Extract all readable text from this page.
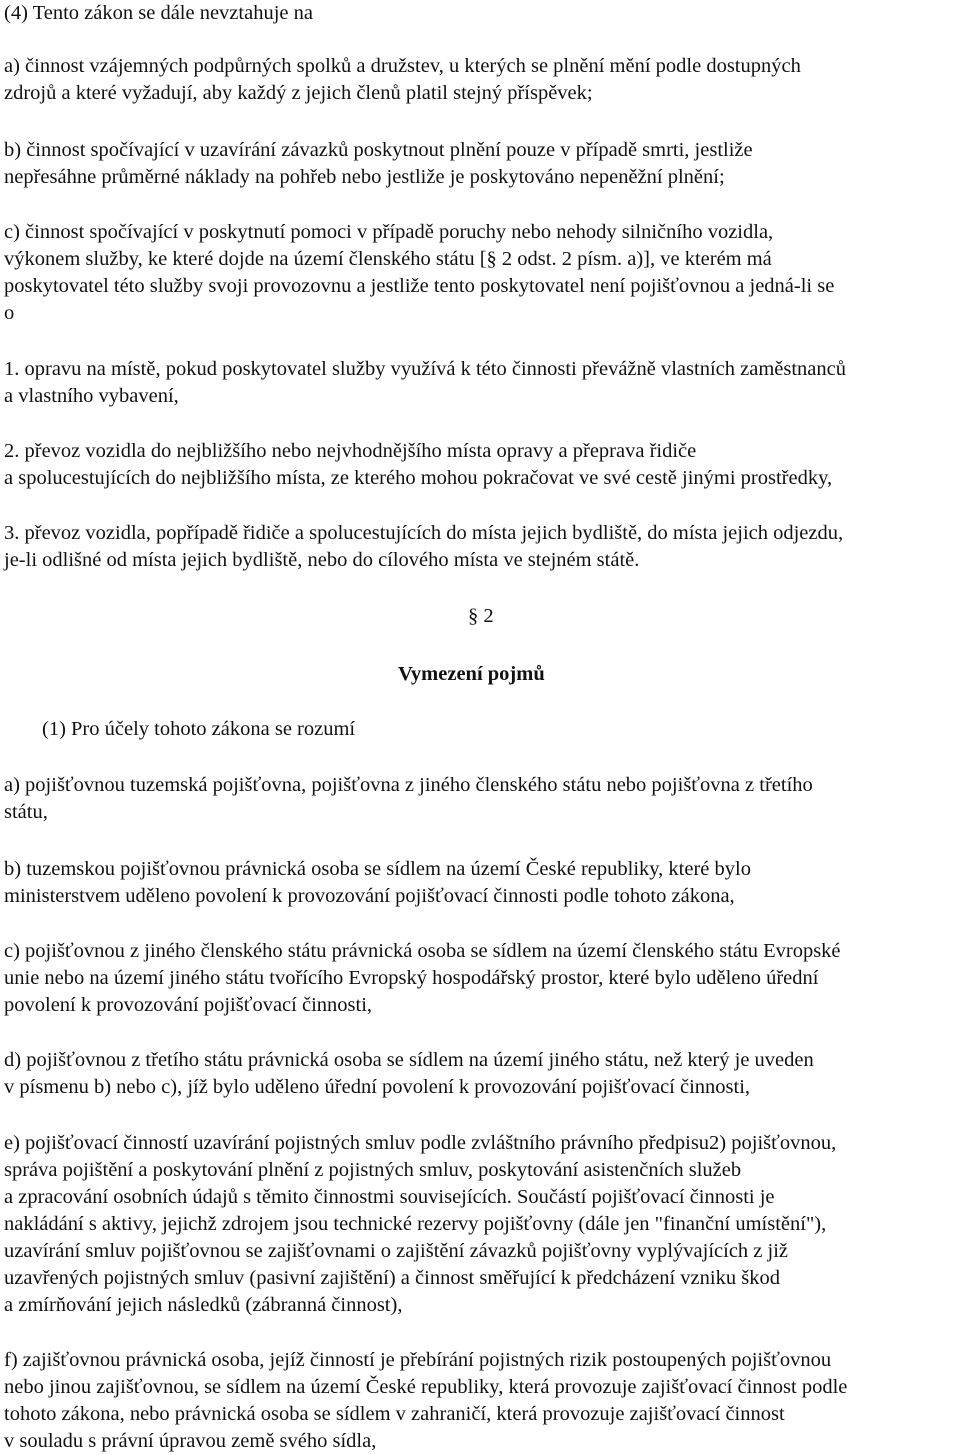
(4) Tento zákon se dále nevztahuje na
a) činnost vzájemných podpůrných spolků a družstev, u kterých se plnění mění podle dostupných
zdrojů a které vyžadují, aby každý z jejich členů platil stejný příspěvek;
b) činnost spočívající v uzavírání závazků poskytnout plnění pouze v případě smrti, jestliže
nepřesáhne průměrné náklady na pohřeb nebo jestliže je poskytováno nepeněžní plnění;
c) činnost spočívající v poskytnutí pomoci v případě poruchy nebo nehody silničního vozidla,
výkonem služby, ke které dojde na území členského státu [§ 2 odst. 2 písm. a)], ve kterém má
poskytovatel této služby svoji provozovnu a jestliže tento poskytovatel není pojišťovnou a jedná-li se
o
1. opravu na místě, pokud poskytovatel služby využívá k této činnosti převážně vlastních zaměstnanců
a vlastního vybavení,
2. převoz vozidla do nejbližšího nebo nejvhodnějšího místa opravy a přeprava řidiče
a spolucestujících do nejbližšího místa, ze kterého mohou pokračovat ve své cestě jinými prostředky,
3. převoz vozidla, popřípadě řidiče a spolucestujících do místa jejich bydliště, do místa jejich odjezdu,
je-li odlišné od místa jejich bydliště, nebo do cílového místa ve stejném státě.
§ 2
Vymezení pojmů
(1) Pro účely tohoto zákona se rozumí
a) pojišťovnou tuzemská pojišťovna, pojišťovna z jiného členského státu nebo pojišťovna z třetího
státu,
b) tuzemskou pojišťovnou právnická osoba se sídlem na území České republiky, které bylo
ministerstvem uděleno povolení k provozování pojišťovací činnosti podle tohoto zákona,
c) pojišťovnou z jiného členského státu právnická osoba se sídlem na území členského státu Evropské
unie nebo na území jiného státu tvořícího Evropský hospodářský prostor, které bylo uděleno úřední
povolení k provozování pojišťovací činnosti,
d) pojišťovnou z třetího státu právnická osoba se sídlem na území jiného státu, než který je uveden
v písmenu b) nebo c), jíž bylo uděleno úřední povolení k provozování pojišťovací činnosti,
e) pojišťovací činností uzavírání pojistných smluv podle zvláštního právního předpisu2) pojišťovnou,
správa pojištění a poskytování plnění z pojistných smluv, poskytování asistenčních služeb
a zpracování osobních údajů s těmito činnostmi souvisejících. Součástí pojišťovací činnosti je
nakládání s aktivy, jejichž zdrojem jsou technické rezervy pojišťovny (dále jen "finanční umístění"),
uzavírání smluv pojišťovnou se zajišťovnami o zajištění závazků pojišťovny vyplývajících z již
uzavřených pojistných smluv (pasivní zajištění) a činnost směřující k předcházení vzniku škod
a zmírňování jejich následků (zábranná činnost),
f) zajišťovnou právnická osoba, jejíž činností je přebírání pojistných rizik postoupených pojišťovnou
nebo jinou zajišťovnou, se sídlem na území České republiky, která provozuje zajišťovací činnost podle
tohoto zákona, nebo právnická osoba se sídlem v zahraničí, která provozuje zajišťovací činnost
v souladu s právní úpravou země svého sídla,
